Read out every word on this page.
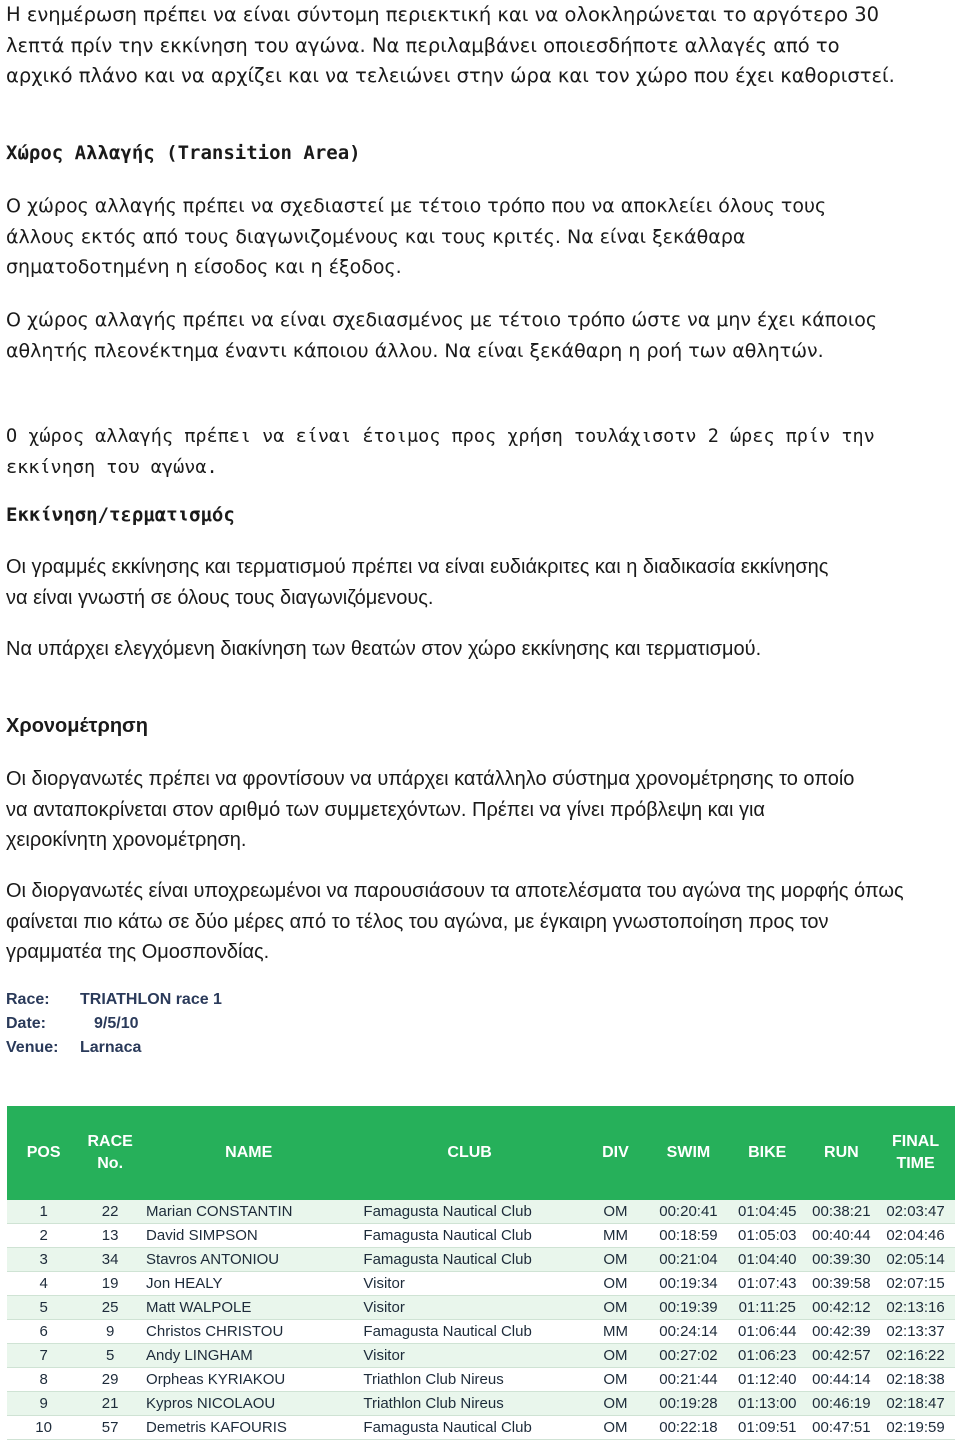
Η ενημέρωση πρέπει να είναι σύντομη περιεκτική και να ολοκληρώνεται το αργότερο 30 λεπτά πρίν την εκκίνηση του αγώνα. Να περιλαμβάνει οποιεσδήποτε αλλαγές από το αρχικό πλάνο και να αρχίζει και να τελειώνει στην ώρα και τον χώρο που έχει καθοριστεί.

Χώρος Αλλαγής (Transition Area)

Ο χώρος αλλαγής πρέπει να σχεδιαστεί με τέτοιο τρόπο που να αποκλείει όλους τους άλλους εκτός από τους διαγωνιζομένους και τους κριτές. Να είναι ξεκάθαρα σηματοδοτημένη η είσοδος και η έξοδος.

Ο χώρος αλλαγής πρέπει να είναι σχεδιασμένος με τέτοιο τρόπο ώστε να μην έχει κάποιος αθλητής πλεονέκτημα έναντι κάποιου άλλου. Να είναι ξεκάθαρη η ροή των αθλητών.

Ο χώρος αλλαγής πρέπει να είναι έτοιμος προς χρήση τουλάχισοτν 2 ώρες πρίν την εκκίνηση του αγώνα.

Εκκίνηση/τερματισμός

Οι γραμμές εκκίνησης και τερματισμού πρέπει να είναι ευδιάκριτες και η διαδικασία εκκίνησης να είναι γνωστή σε όλους τους διαγωνιζόμενους.

Να υπάρχει ελεγχόμενη διακίνηση των θεατών στον χώρο εκκίνησης και τερματισμού.

Χρονομέτρηση

Οι διοργανωτές πρέπει να φροντίσουν να υπάρχει κατάλληλο σύστημα χρονομέτρησης το οποίο να ανταποκρίνεται στον αριθμό των συμμετεχόντων. Πρέπει να γίνει πρόβλεψη και για χειροκίνητη χρονομέτρηση.

Οι διοργανωτές είναι υποχρεωμένοι να παρουσιάσουν τα αποτελέσματα του αγώνα της μορφής όπως φαίνεται πιο κάτω σε δύο μέρες από το τέλος του αγώνα, με έγκαιρη γνωστοποίηση προς τον γραμματέα της Ομοσπονδίας.

Race:	TRIATHLON race 1
Date:	9/5/10
Venue:	Larnaca
POS	RACE No.	NAME	CLUB	DIV	SWIM	BIKE	RUN	FINAL TIME
1	22	Marian CONSTANTIN	Famagusta Nautical Club	OM	00:20:41	01:04:45	00:38:21	02:03:47
2	13	David SIMPSON	Famagusta Nautical Club	MM	00:18:59	01:05:03	00:40:44	02:04:46
3	34	Stavros ANTONIOU	Famagusta Nautical Club	OM	00:21:04	01:04:40	00:39:30	02:05:14
4	19	Jon HEALY	Visitor	OM	00:19:34	01:07:43	00:39:58	02:07:15
5	25	Matt WALPOLE	Visitor	OM	00:19:39	01:11:25	00:42:12	02:13:16
6	9	Christos CHRISTOU	Famagusta Nautical Club	MM	00:24:14	01:06:44	00:42:39	02:13:37
7	5	Andy LINGHAM	Visitor	OM	00:27:02	01:06:23	00:42:57	02:16:22
8	29	Orpheas KYRIAKOU	Triathlon Club Nireus	OM	00:21:44	01:12:40	00:44:14	02:18:38
9	21	Kypros NICOLAOU	Triathlon Club Nireus	OM	00:19:28	01:13:00	00:46:19	02:18:47
10	57	Demetris KAFOURIS	Famagusta Nautical Club	OM	00:22:18	01:09:51	00:47:51	02:19:59
